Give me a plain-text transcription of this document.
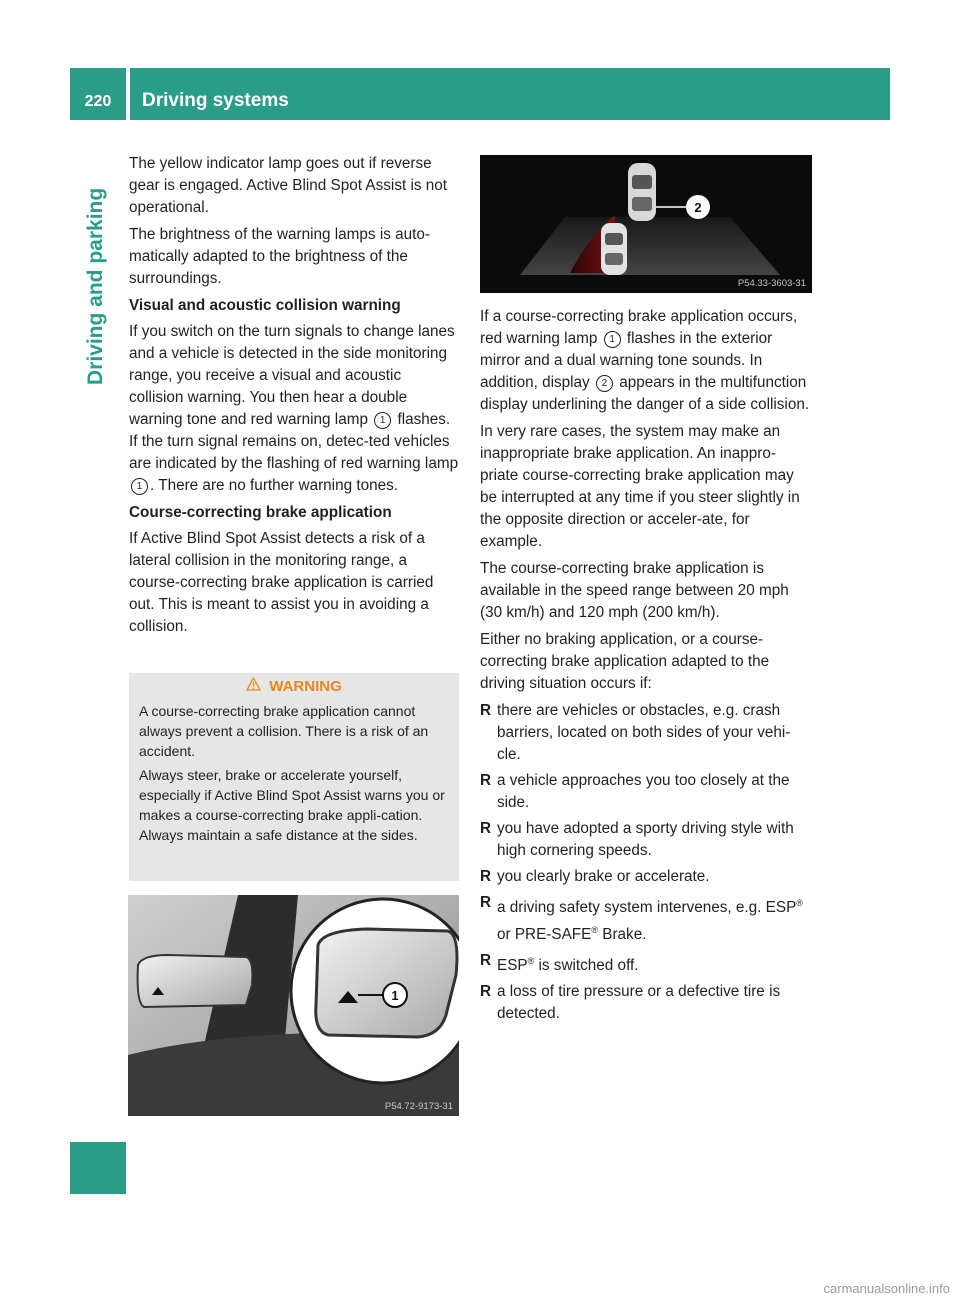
220	Driving systems
Driving and parking

The yellow indicator lamp goes out if reverse gear is engaged. Active Blind Spot Assist is not operational.

The brightness of the warning lamps is auto-matically adapted to the brightness of the surroundings.

Visual and acoustic collision warning

If you switch on the turn signals to change lanes and a vehicle is detected in the side monitoring range, you receive a visual and acoustic collision warning. You then hear a double warning tone and red warning lamp 1 flashes. If the turn signal remains on, detec-ted vehicles are indicated by the flashing of red warning lamp 1 . There are no further warning tones.

Course-correcting brake application

If Active Blind Spot Assist detects a risk of a lateral collision in the monitoring range, a course-correcting brake application is carried out. This is meant to assist you in avoiding a collision.

WARNING

A course-correcting brake application cannot always prevent a collision. There is a risk of an accident.

Always steer, brake or accelerate yourself, especially if Active Blind Spot Assist warns you or makes a course-correcting brake appli-cation. Always maintain a safe distance at the sides.

2
P54.33-3603-31
1
P54.72-9173-31

If a course-correcting brake application occurs, red warning lamp 1 flashes in the exterior mirror and a dual warning tone sounds. In addition, display 2 appears in the multifunction display underlining the danger of a side collision.

In very rare cases, the system may make an inappropriate brake application. An inappro-priate course-correcting brake application may be interrupted at any time if you steer slightly in the opposite direction or acceler-ate, for example.

The course-correcting brake application is available in the speed range between 20 mph (30 km/h) and 120 mph (200 km/h).

Either no braking application, or a course-correcting brake application adapted to the driving situation occurs if:

R there are vehicles or obstacles, e.g. crash barriers, located on both sides of your vehi-cle.
R a vehicle approaches you too closely at the side.
R you have adopted a sporty driving style with high cornering speeds.
R you clearly brake or accelerate.
R a driving safety system intervenes, e.g. ESP® or PRE-SAFE® Brake.
R ESP® is switched off.
R a loss of tire pressure or a defective tire is detected.
carmanualsonline.info
